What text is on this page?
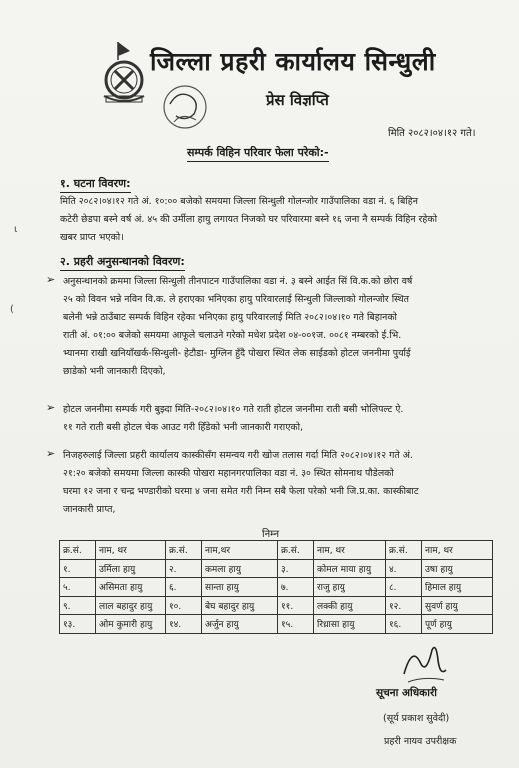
जिल्ला प्रहरी कार्यालय सिन्धुली
प्रेस विज्ञप्ति
मिति २०८२।०४।१२ गते।
सम्पर्क विहिन परिवार फेला परेको:-
१. घटना विवरण:
मिति २०८२।०४।१२ गते अं. १०:०० बजेको समयमा जिल्ला सिन्धुली गोलन्जोर गाउँपालिका वडा नं. ६ बिहिन
कटेरी छेडपा बस्ने वर्ष अं. ४५ की उर्मीला हायु लगायत निजको घर परिवारमा बस्ने १६ जना नै सम्पर्क विहिन रहेको
खबर प्राप्त भएको।
ɩ
२. प्रहरी अनुसन्धानको विवरण:
➢ अनुसन्धानको क्रममा जिल्ला सिन्धुली तीनपाटन गाउँपालिका वडा नं. ३ बस्ने आईत सिं वि.क.को छोरा वर्ष
२५ को विवन भन्ने नविन वि.क. ले हराएका भनिएका हायु परिवारलाई सिन्धुली जिल्लाको गोलन्जोर स्थित
बलेनी भन्ने ठाउँबाट सम्पर्क विहिन रहेका भनिएका हायु परिवारलाई मिति २०८२।०४।१० गते बिहानको
राती अं. ०१:०० बजेको समयमा आफूले चलाउने गरेको मधेश प्रदेश ०४-००१ज. ००८१ नम्बरको ई.भि.
भ्यानमा राखी खनियाँखर्क-सिन्धुली- हेटौडा- मुग्लिन हुँदै पोखरा स्थित लेक साईडको होटल जननीमा पुर्याई
छाडेको भनी जानकारी दिएको,
(
➢ होटल जननीमा सम्पर्क गरी बुझ्दा मिति-२०८२।०४।१० गते राती होटल जननीमा राती बसी भोलिपल्ट ऐ.
११ गते राती बसी होटल चेक आउट गरी हिँडेको भनी जानकारी गराएको,
➢ निजहरुलाई जिल्ला प्रहरी कार्यालय कास्कीसँग समन्वय गरी खोज तलास गर्दा मिति २०८२।०४।१२ गते अं.
२१:२० बजेको समयमा जिल्ला कास्की पोखरा महानगरपालिका वडा नं. ३० स्थित सोमनाथ पौडेलको
घरमा १२ जना र चन्द्र भण्डारीको घरमा ४ जना समेत गरी निम्न सबै फेला परेको भनी जि.प्र.का. कास्कीबाट
जानकारी प्राप्त,
निम्न
क्र.सं.	नाम, थर	क्र.सं.	नाम,थर	क्र.सं.	नाम, थर	क्र.सं.	नाम, थर
१.	उर्मिला हायु	२.	कमला हायु	३.	कोमल माया हायु	४.	उषा हायु
५.	असिमता हायु	६.	सान्ता हायु	७.	राजु हायु	८.	हिमाल हायु
९.	लाल बहादुर हायु	१०.	बेघ बहादुर हायु	११.	लक्की हायु	१२.	सुवर्ण हायु
१३.	ओम कुमारी हायु	१४.	अर्जुन हायु	१५.	रिध्रासा हायु	१६.	पूर्ण हायु
सूचना अधिकारी
(सूर्य प्रकाश सुवेदी)
प्रहरी नायव उपरीक्षक
